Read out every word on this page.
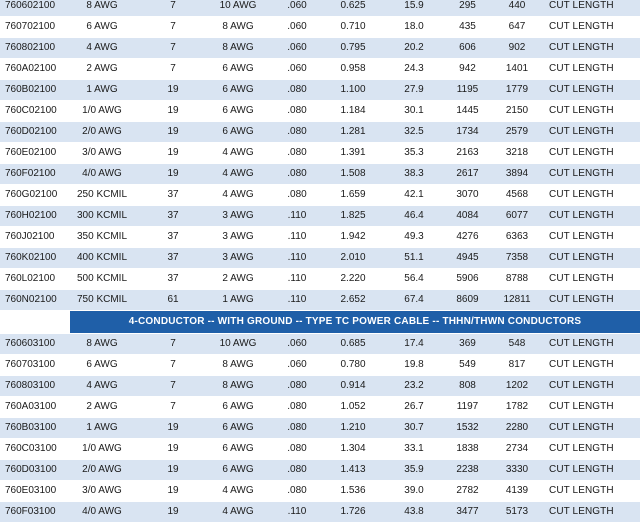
760602100	8 AWG	7	10 AWG	.060	0.625	15.9	295	440	CUT LENGTH
760702100	6 AWG	7	8 AWG	.060	0.710	18.0	435	647	CUT LENGTH
760802100	4 AWG	7	8 AWG	.060	0.795	20.2	606	902	CUT LENGTH
760A02100	2 AWG	7	6 AWG	.060	0.958	24.3	942	1401	CUT LENGTH
760B02100	1 AWG	19	6 AWG	.080	1.100	27.9	1195	1779	CUT LENGTH
760C02100	1/0 AWG	19	6 AWG	.080	1.184	30.1	1445	2150	CUT LENGTH
760D02100	2/0 AWG	19	6 AWG	.080	1.281	32.5	1734	2579	CUT LENGTH
760E02100	3/0 AWG	19	4 AWG	.080	1.391	35.3	2163	3218	CUT LENGTH
760F02100	4/0 AWG	19	4 AWG	.080	1.508	38.3	2617	3894	CUT LENGTH
760G02100	250 KCMIL	37	4 AWG	.080	1.659	42.1	3070	4568	CUT LENGTH
760H02100	300 KCMIL	37	3 AWG	.110	1.825	46.4	4084	6077	CUT LENGTH
760J02100	350 KCMIL	37	3 AWG	.110	1.942	49.3	4276	6363	CUT LENGTH
760K02100	400 KCMIL	37	3 AWG	.110	2.010	51.1	4945	7358	CUT LENGTH
760L02100	500 KCMIL	37	2 AWG	.110	2.220	56.4	5906	8788	CUT LENGTH
760N02100	750 KCMIL	61	1 AWG	.110	2.652	67.4	8609	12811	CUT LENGTH
4-CONDUCTOR -- WITH GROUND -- TYPE TC POWER CABLE -- THHN/THWN CONDUCTORS
760603100	8 AWG	7	10 AWG	.060	0.685	17.4	369	548	CUT LENGTH
760703100	6 AWG	7	8 AWG	.060	0.780	19.8	549	817	CUT LENGTH
760803100	4 AWG	7	8 AWG	.080	0.914	23.2	808	1202	CUT LENGTH
760A03100	2 AWG	7	6 AWG	.080	1.052	26.7	1197	1782	CUT LENGTH
760B03100	1 AWG	19	6 AWG	.080	1.210	30.7	1532	2280	CUT LENGTH
760C03100	1/0 AWG	19	6 AWG	.080	1.304	33.1	1838	2734	CUT LENGTH
760D03100	2/0 AWG	19	6 AWG	.080	1.413	35.9	2238	3330	CUT LENGTH
760E03100	3/0 AWG	19	4 AWG	.080	1.536	39.0	2782	4139	CUT LENGTH
760F03100	4/0 AWG	19	4 AWG	.110	1.726	43.8	3477	5173	CUT LENGTH
